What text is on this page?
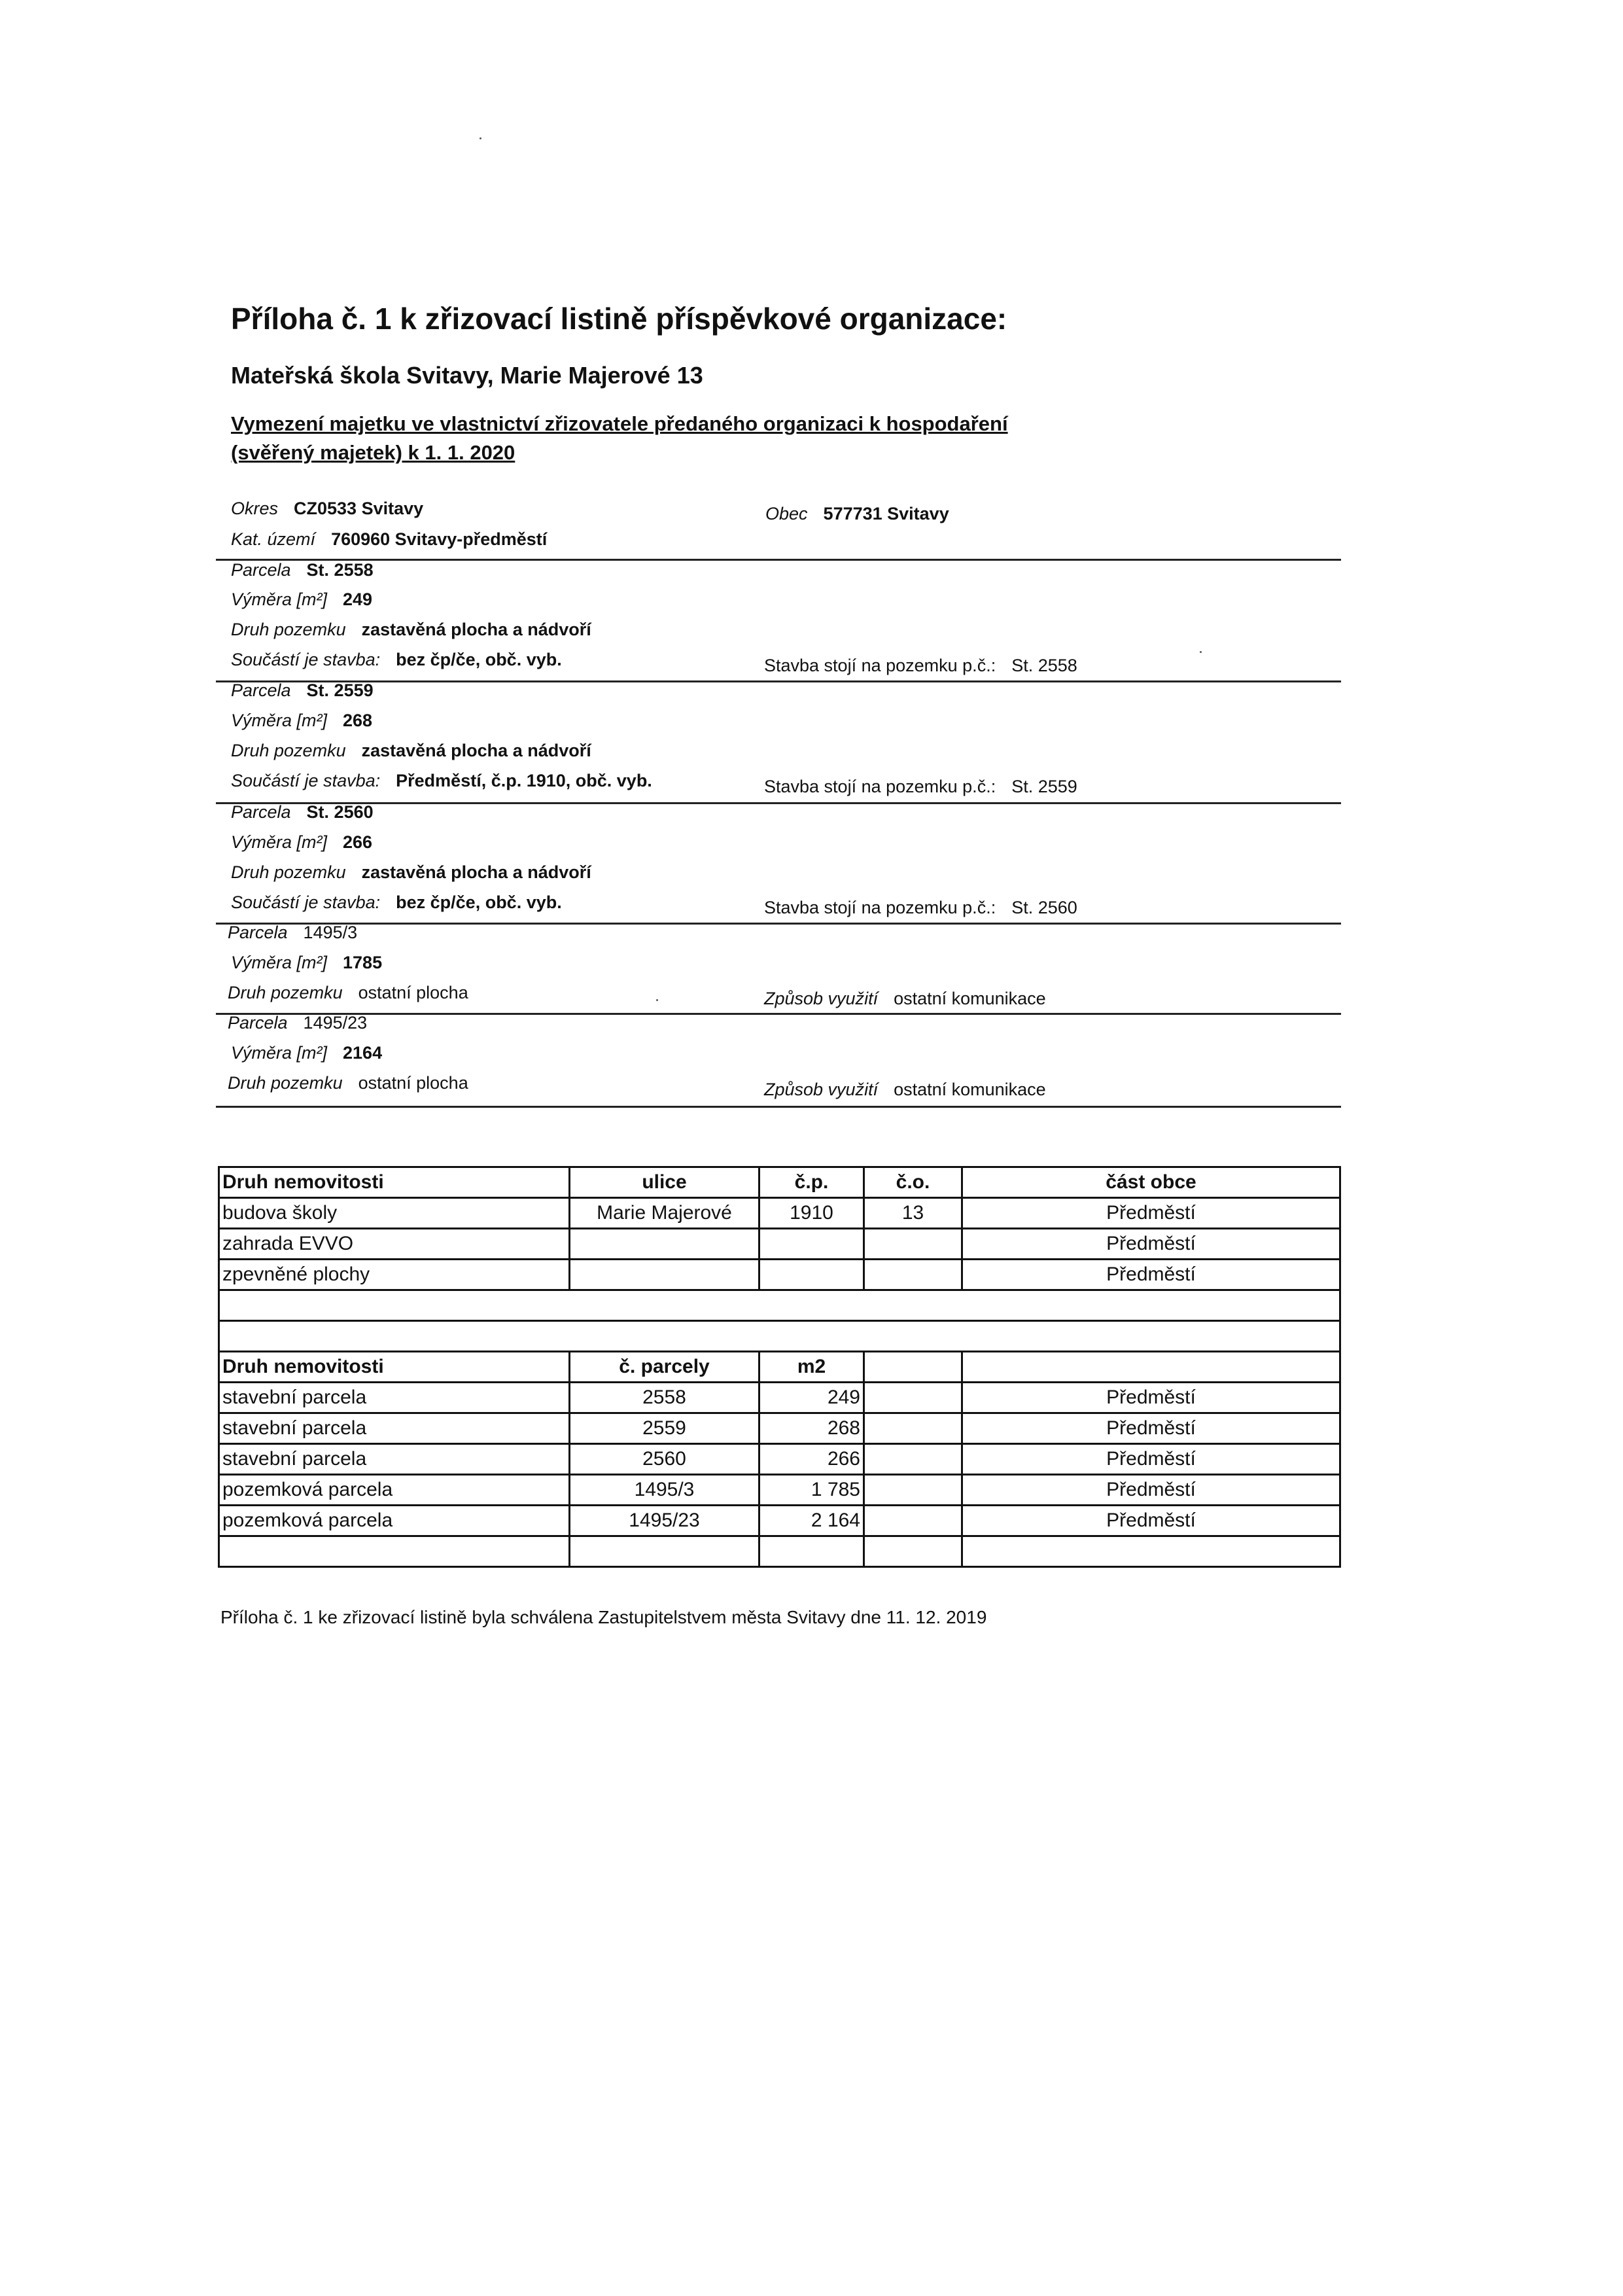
Příloha č. 1 k zřizovací listině příspěvkové organizace:
Mateřská škola Svitavy, Marie Majerové 13
Vymezení majetku ve vlastnictví zřizovatele předaného organizaci k hospodaření
(svěřený majetek) k 1. 1. 2020
Okres CZ0533 Svitavy	Obec 577731 Svitavy
Kat. území 760960 Svitavy-předměstí
Parcela St. 2558
Výměra [m²] 249
Druh pozemku zastavěná plocha a nádvoří
Součástí je stavba: bez čp/če, obč. vyb.	Stavba stojí na pozemku p.č.: St. 2558
Parcela St. 2559
Výměra [m²] 268
Druh pozemku zastavěná plocha a nádvoří
Součástí je stavba: Předměstí, č.p. 1910, obč. vyb.	Stavba stojí na pozemku p.č.: St. 2559
Parcela St. 2560
Výměra [m²] 266
Druh pozemku zastavěná plocha a nádvoří
Součástí je stavba: bez čp/če, obč. vyb.	Stavba stojí na pozemku p.č.: St. 2560
Parcela 1495/3
Výměra [m²] 1785
Druh pozemku ostatní plocha	Způsob využití ostatní komunikace
Parcela 1495/23
Výměra [m²] 2164
Druh pozemku ostatní plocha	Způsob využití ostatní komunikace
Druh nemovitosti	ulice	č.p.	č.o.	část obce
budova školy	Marie Majerové	1910	13	Předměstí
zahrada EVVO				Předměstí
zpevněné plochy				Předměstí

Druh nemovitosti	č. parcely	m2		
stavební parcela	2558	249		Předměstí
stavební parcela	2559	268		Předměstí
stavební parcela	2560	266		Předměstí
pozemková parcela	1495/3	1 785		Předměstí
pozemková parcela	1495/23	2 164		Předměstí

Příloha č. 1 ke zřizovací listině byla schválena Zastupitelstvem města Svitavy dne 11. 12. 2019
